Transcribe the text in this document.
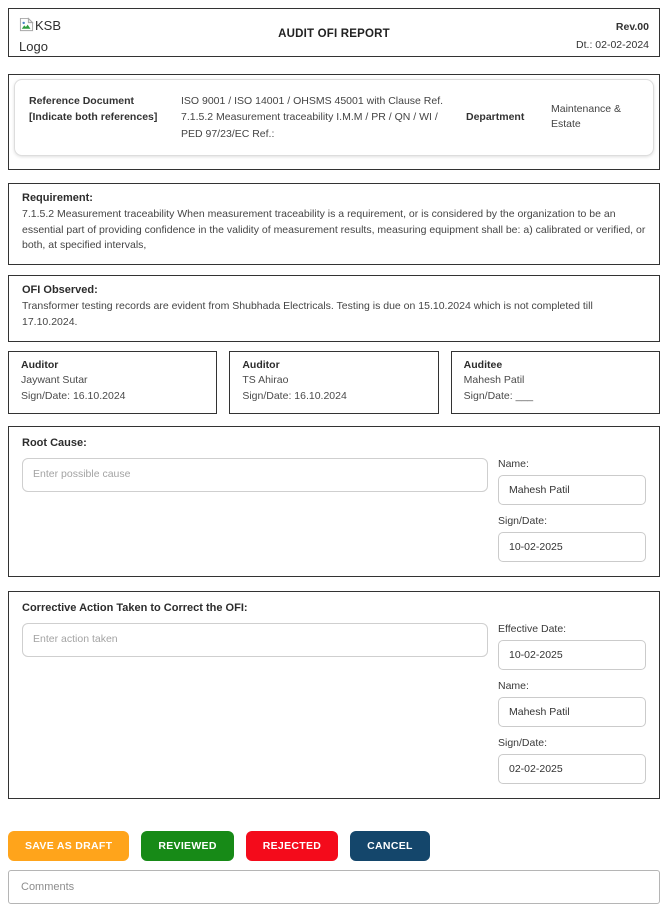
KSB Logo
AUDIT OFI REPORT
Rev.00
Dt.: 02-02-2024
Reference Document [Indicate both references]
ISO 9001 / ISO 14001 / OHSMS 45001 with Clause Ref. 7.1.5.2 Measurement traceability I.M.M / PR / QN / WI / PED 97/23/EC Ref.:
Department
Maintenance & Estate
Requirement:
7.1.5.2 Measurement traceability When measurement traceability is a requirement, or is considered by the organization to be an essential part of providing confidence in the validity of measurement results, measuring equipment shall be: a) calibrated or verified, or both, at specified intervals,
OFI Observed:
Transformer testing records are evident from Shubhada Electricals. Testing is due on 15.10.2024 which is not completed till 17.10.2024.
Auditor
Jaywant Sutar
Sign/Date: 16.10.2024
Auditor
TS Ahirao
Sign/Date: 16.10.2024
Auditee
Mahesh Patil
Sign/Date: ___
Root Cause:
Enter possible cause
Name:
Mahesh Patil
Sign/Date:
10-02-2025
Corrective Action Taken to Correct the OFI:
Enter action taken
Effective Date:
10-02-2025
Name:
Mahesh Patil
Sign/Date:
02-02-2025
SAVE AS DRAFT	REVIEWED	REJECTED	CANCEL
Comments
